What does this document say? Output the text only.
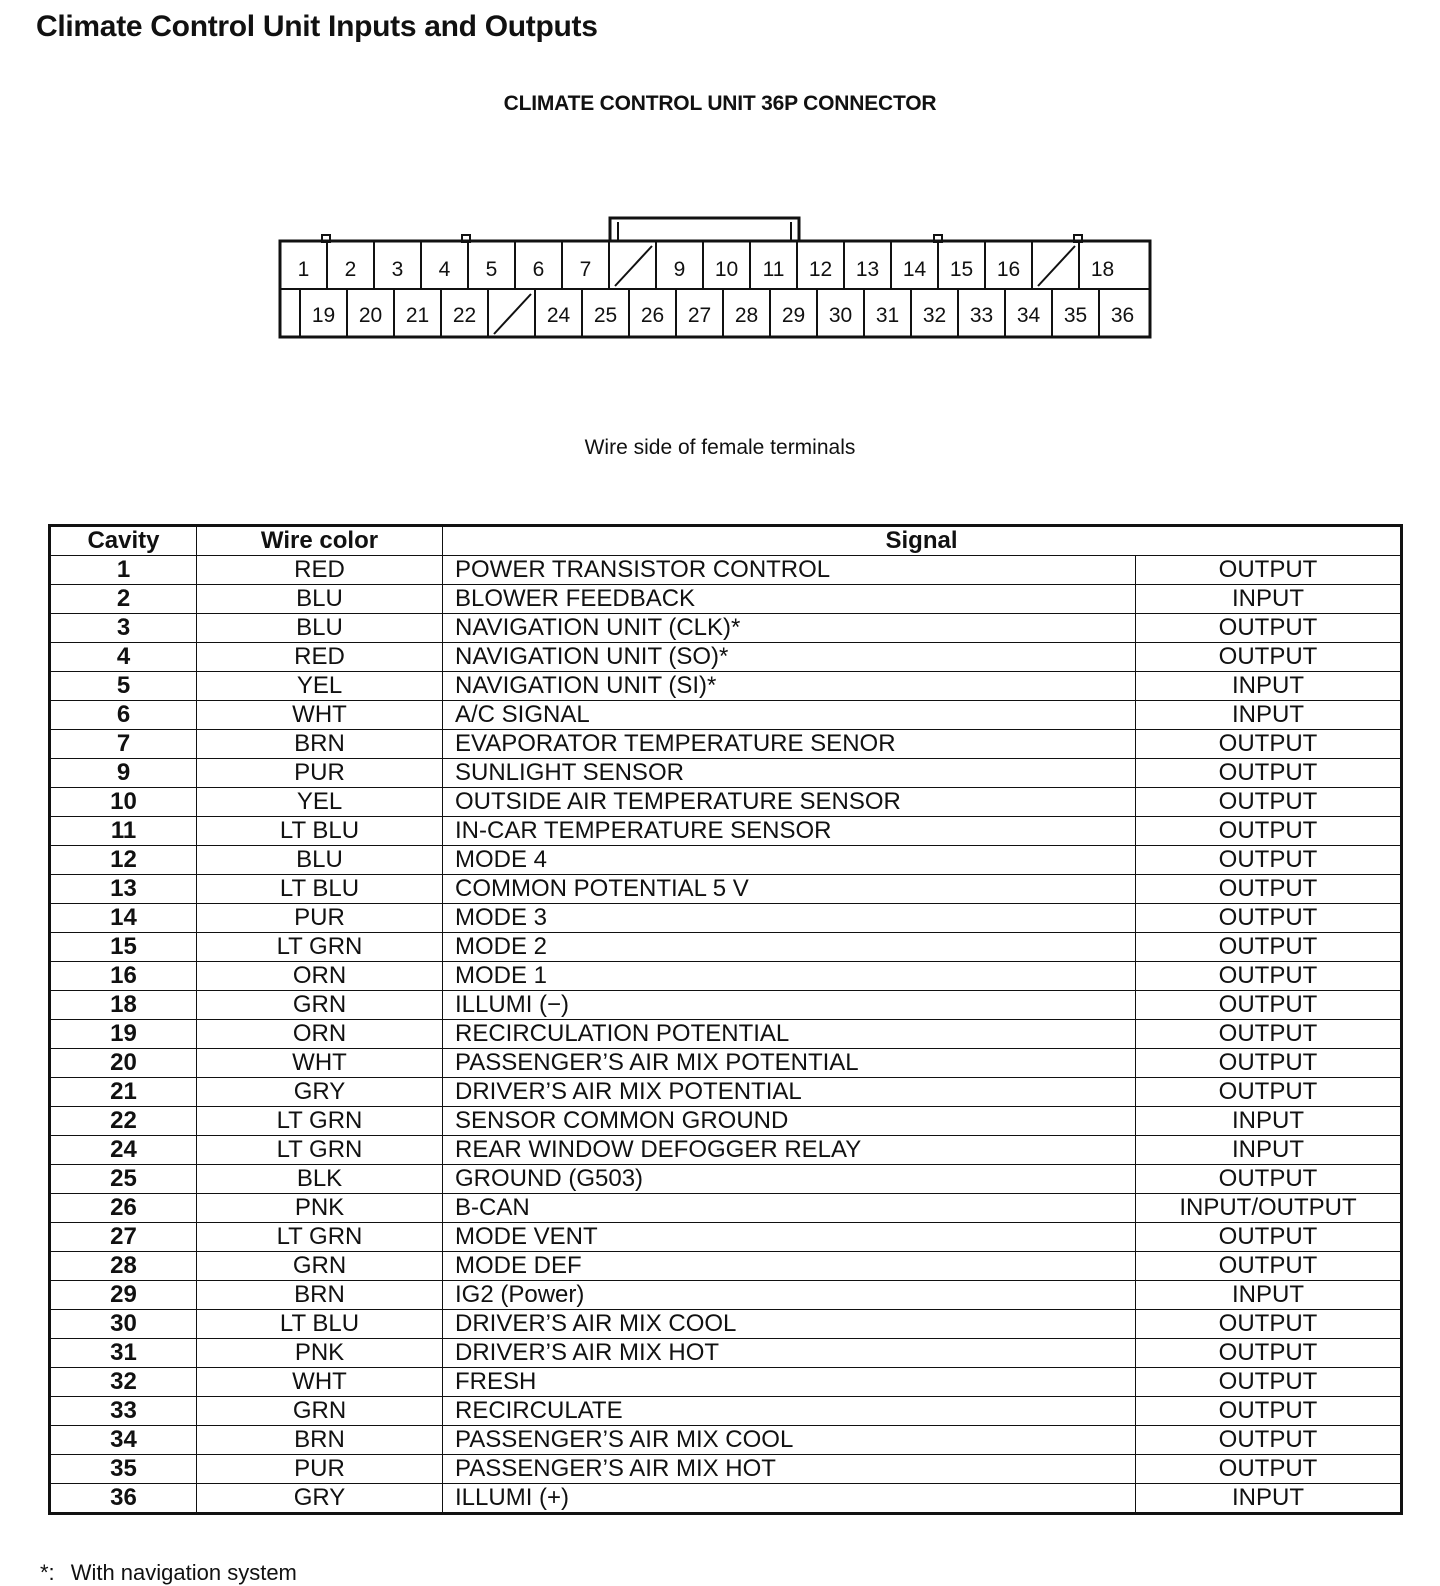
Climate Control Unit Inputs and Outputs
CLIMATE CONTROL UNIT 36P CONNECTOR
1 2 3 4 5 6 7	9 10 11 12 13 14 15 16	18
19 20 21 22	24 25 26 27 28 29 30 31 32 33 34 35 36
Wire side of female terminals
Cavity	Wire color	Signal	
1	RED	POWER TRANSISTOR CONTROL	OUTPUT
2	BLU	BLOWER FEEDBACK	INPUT
3	BLU	NAVIGATION UNIT (CLK)*	OUTPUT
4	RED	NAVIGATION UNIT (SO)*	OUTPUT
5	YEL	NAVIGATION UNIT (SI)*	INPUT
6	WHT	A/C SIGNAL	INPUT
7	BRN	EVAPORATOR TEMPERATURE SENOR	OUTPUT
9	PUR	SUNLIGHT SENSOR	OUTPUT
10	YEL	OUTSIDE AIR TEMPERATURE SENSOR	OUTPUT
11	LT BLU	IN-CAR TEMPERATURE SENSOR	OUTPUT
12	BLU	MODE 4	OUTPUT
13	LT BLU	COMMON POTENTIAL 5 V	OUTPUT
14	PUR	MODE 3	OUTPUT
15	LT GRN	MODE 2	OUTPUT
16	ORN	MODE 1	OUTPUT
18	GRN	ILLUMI (−)	OUTPUT
19	ORN	RECIRCULATION POTENTIAL	OUTPUT
20	WHT	PASSENGER’S AIR MIX POTENTIAL	OUTPUT
21	GRY	DRIVER’S AIR MIX POTENTIAL	OUTPUT
22	LT GRN	SENSOR COMMON GROUND	INPUT
24	LT GRN	REAR WINDOW DEFOGGER RELAY	INPUT
25	BLK	GROUND (G503)	OUTPUT
26	PNK	B-CAN	INPUT/OUTPUT
27	LT GRN	MODE VENT	OUTPUT
28	GRN	MODE DEF	OUTPUT
29	BRN	IG2 (Power)	INPUT
30	LT BLU	DRIVER’S AIR MIX COOL	OUTPUT
31	PNK	DRIVER’S AIR MIX HOT	OUTPUT
32	WHT	FRESH	OUTPUT
33	GRN	RECIRCULATE	OUTPUT
34	BRN	PASSENGER’S AIR MIX COOL	OUTPUT
35	PUR	PASSENGER’S AIR MIX HOT	OUTPUT
36	GRY	ILLUMI (+)	INPUT
*: With navigation system
